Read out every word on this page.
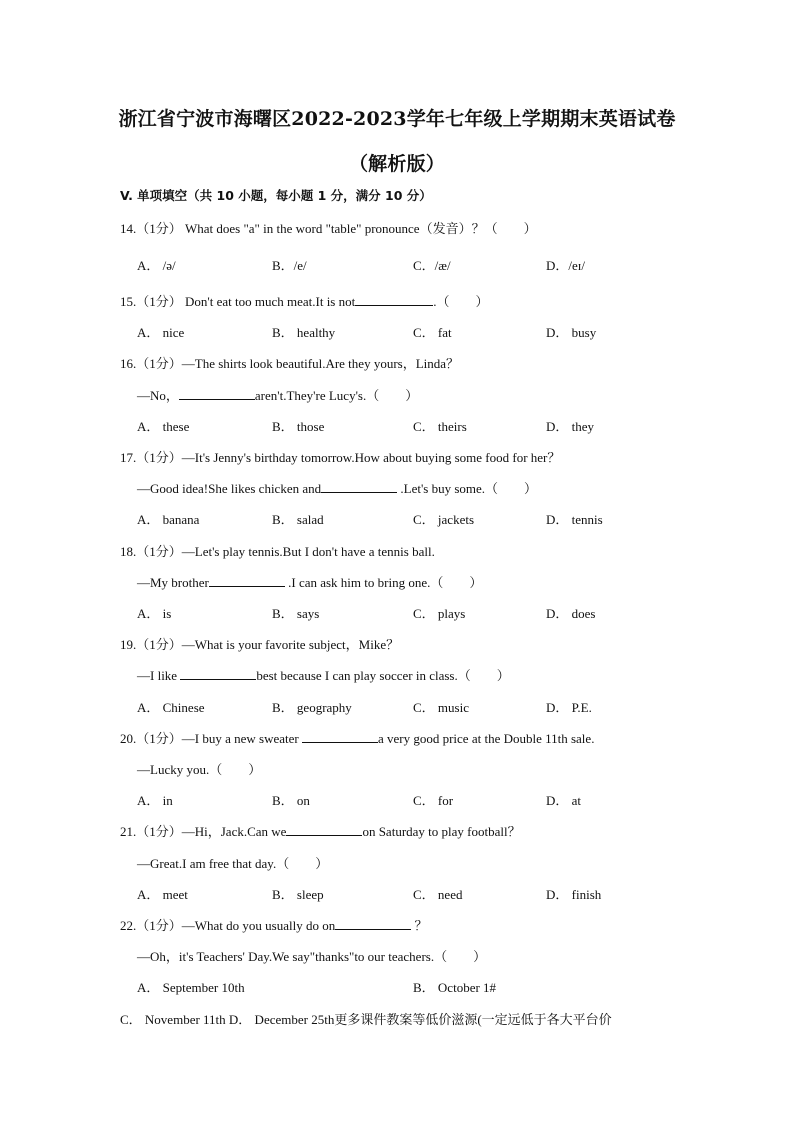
浙江省宁波市海曙区2022-2023学年七年级上学期期末英语试卷
（解析版）
V. 单项填空（共 10 小题，每小题 1 分，满分 10 分）
14.（1分） What does "a" in the word "table" pronounce（发音）？（　　）
A． /ə/	B．/e/	C．/æ/	D．/eɪ/
15.（1分） Don't eat too much meat.It is not	.（　　）
A． nice	B． healthy	C． fat	D． busy
16.（1分）—The shirts look beautiful.Are they yours，Linda？
—No，	aren't.They're Lucy's.（　　）
A． these	B． those	C． theirs	D． they
17.（1分）—It's Jenny's birthday tomorrow.How about buying some food for her？
—Good idea!She likes chicken and	.Let's buy some.（　　）
A． banana	B． salad	C． jackets	D． tennis
18.（1分）—Let's play tennis.But I don't have a tennis ball.
—My brother	.I can ask him to bring one.（　　）
A． is	B． says	C． plays	D． does
19.（1分）—What is your favorite subject，Mike？
—I like	best because I can play soccer in class.（　　）
A． Chinese	B． geography	C． music	D． P.E.
20.（1分）—I buy a new sweater	a very good price at the Double 11th sale.
—Lucky you.（　　）
A． in	B． on	C． for	D． at
21.（1分）—Hi，Jack.Can we	on Saturday to play football？
—Great.I am free that day.（　　）
A． meet	B． sleep	C． need	D． finish
22.（1分）—What do you usually do on	？
—Oh，it's Teachers' Day.We say"thanks"to our teachers.（　　）
A． September 10th	B． October 1#
C． November 11th D． December 25th更多课件教案等低价滋源(一定远低于各大平台价
